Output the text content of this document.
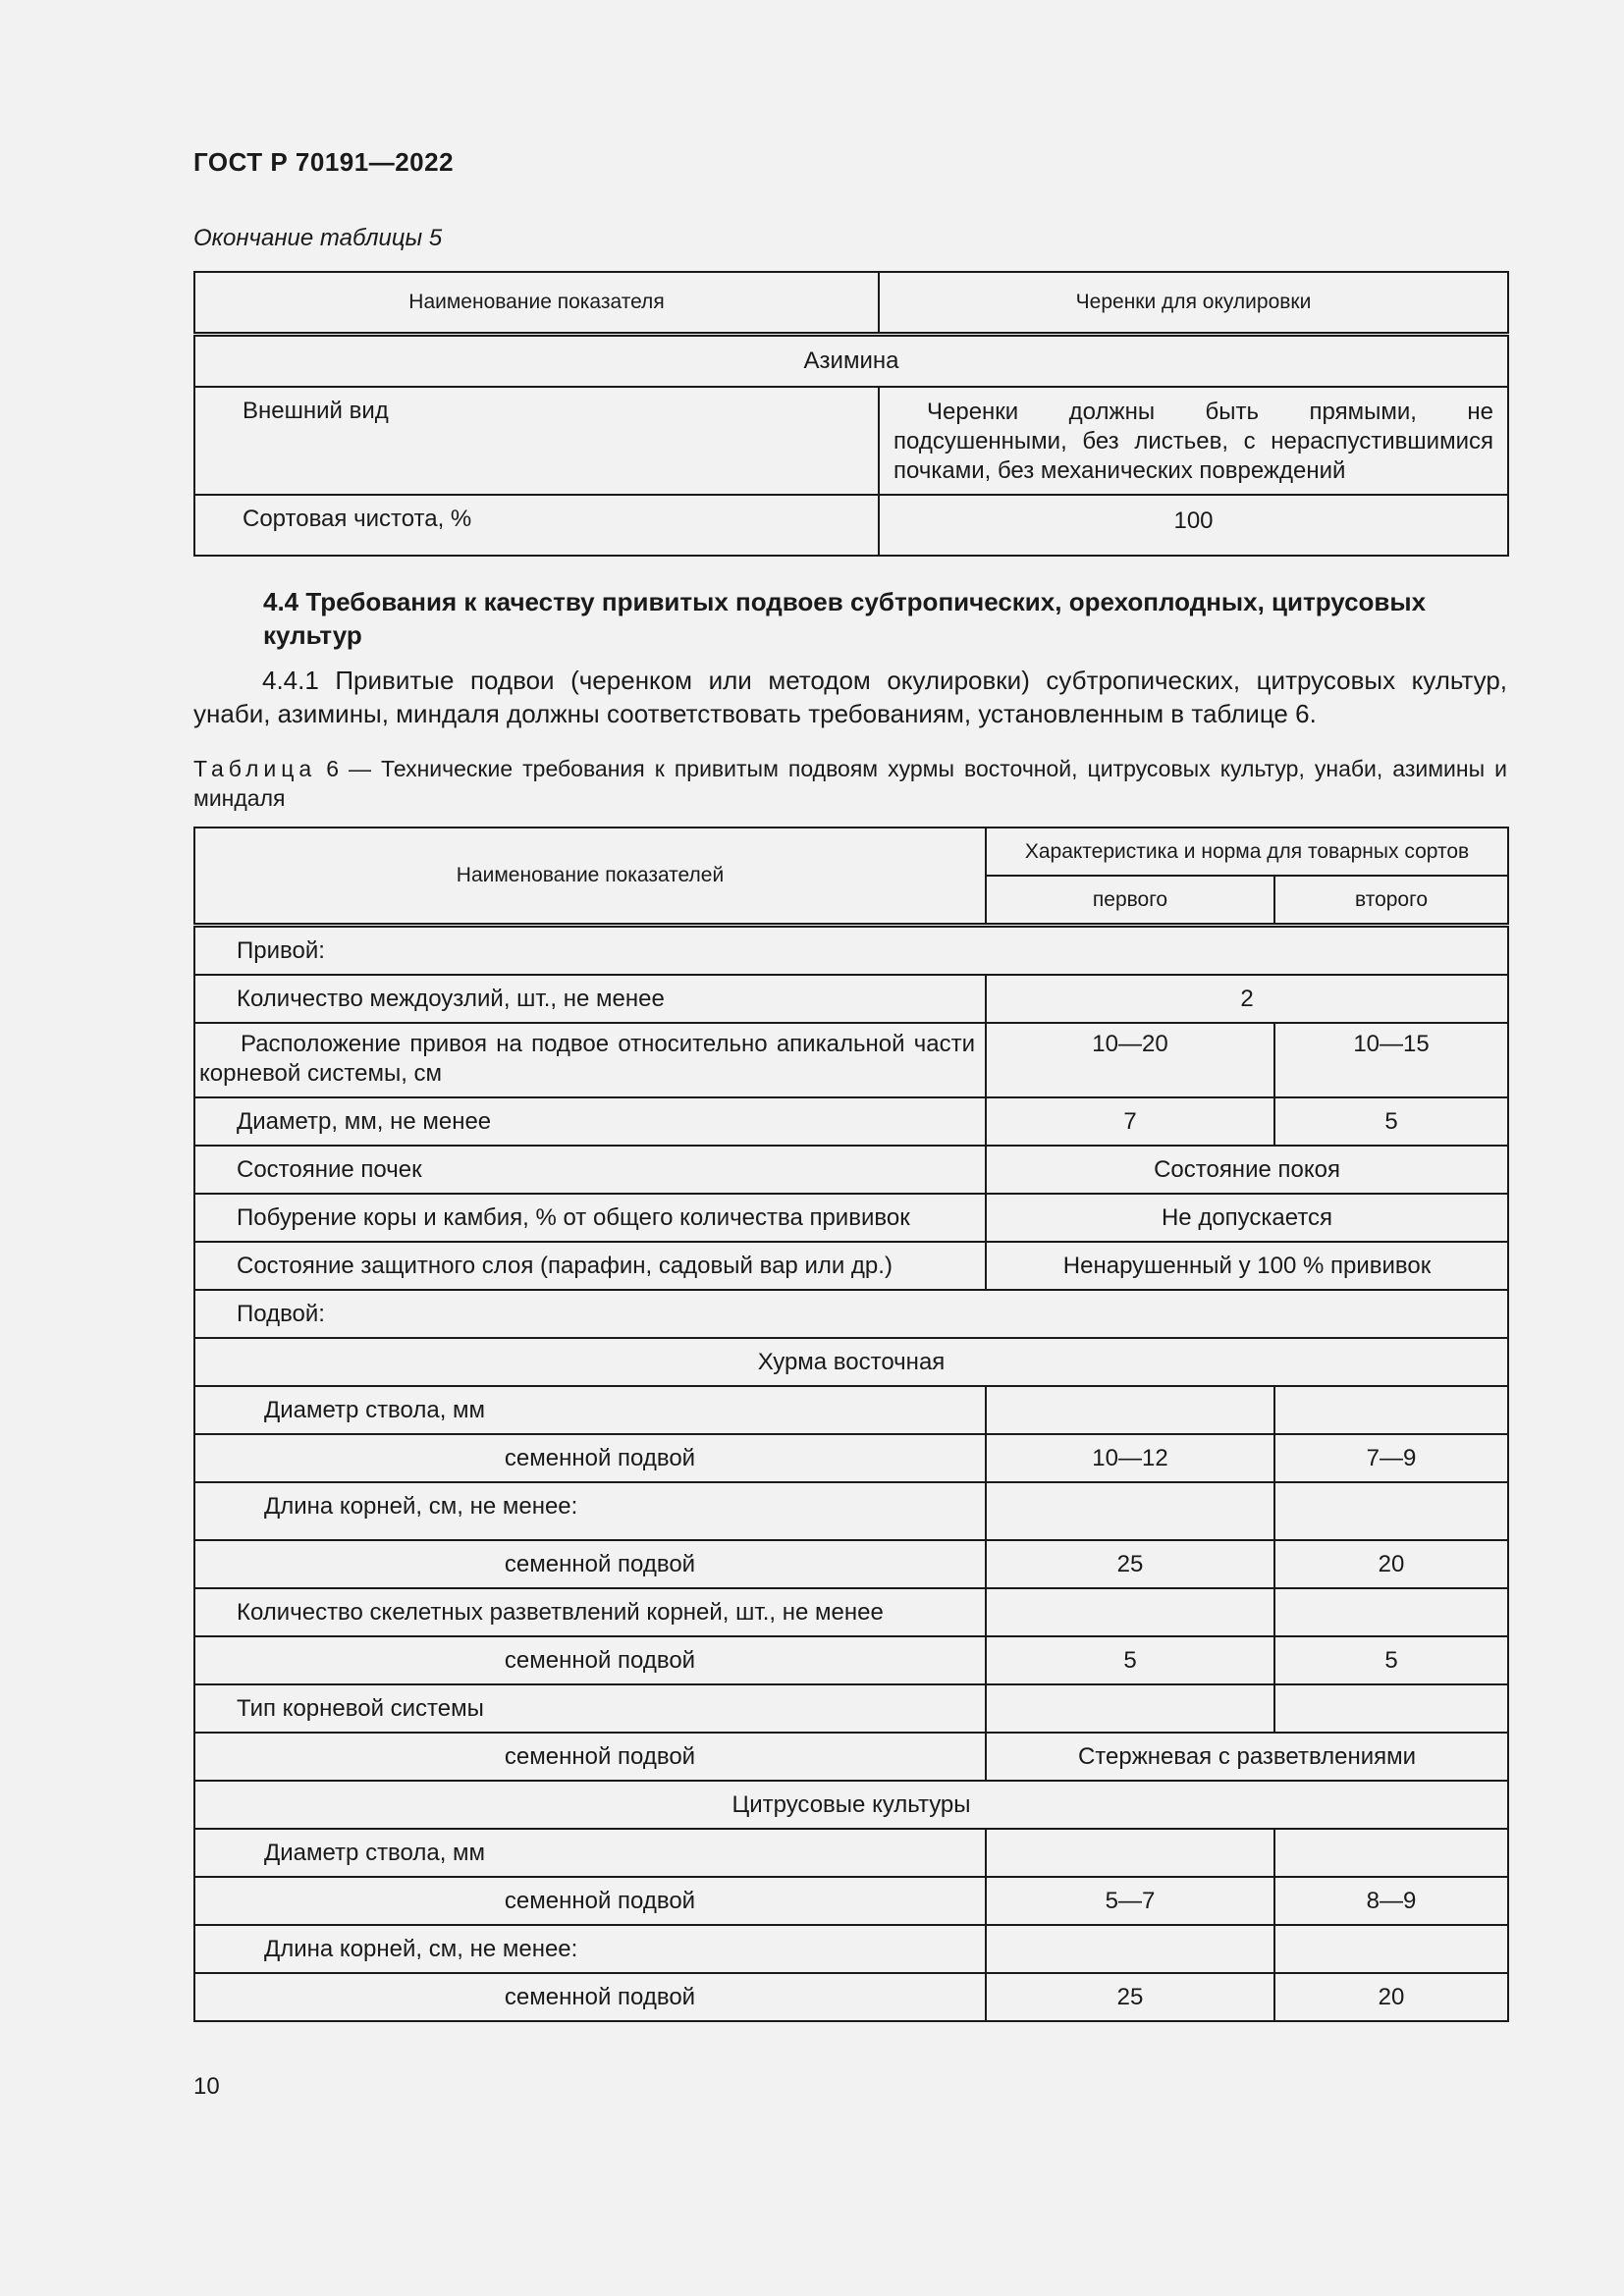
ГОСТ Р 70191—2022
Окончание таблицы 5
Наименование показателя	Черенки для окулировки
Азимина	
Внешний вид	Черенки должны быть прямыми, не подсушенными, без листьев, с нераспустившимися почками, без механических повреждений
Сортовая чистота, %	100
4.4 Требования к качеству привитых подвоев субтропических, орехоплодных, цитрусовых культур
4.4.1 Привитые подвои (черенком или методом окулировки) субтропических, цитрусовых культур, унаби, азимины, миндаля должны соответствовать требованиям, установленным в таблице 6.
Таблица 6 — Технические требования к привитым подвоям хурмы восточной, цитрусовых культур, унаби, азимины и миндаля
Наименование показателей	Характеристика и норма для товарных сортов	
	первого	второго
Привой:		
Количество междоузлий, шт., не менее	2	
Расположение привоя на подвое относительно апикальной части корневой системы, см	10—20	10—15
Диаметр, мм, не менее	7	5
Состояние почек	Состояние покоя	
Побурение коры и камбия, % от общего количества прививок	Не допускается	
Состояние защитного слоя (парафин, садовый вар или др.)	Ненарушенный у 100 % прививок	
Подвой:		
Хурма восточная		
Диаметр ствола, мм		
семенной подвой	10—12	7—9
Длина корней, см, не менее:		
семенной подвой	25	20
Количество скелетных разветвлений корней, шт., не менее		
семенной подвой	5	5
Тип корневой системы		
семенной подвой	Стержневая с разветвлениями	
Цитрусовые культуры		
Диаметр ствола, мм		
семенной подвой	5—7	8—9
Длина корней, см, не менее:		
семенной подвой	25	20
10
